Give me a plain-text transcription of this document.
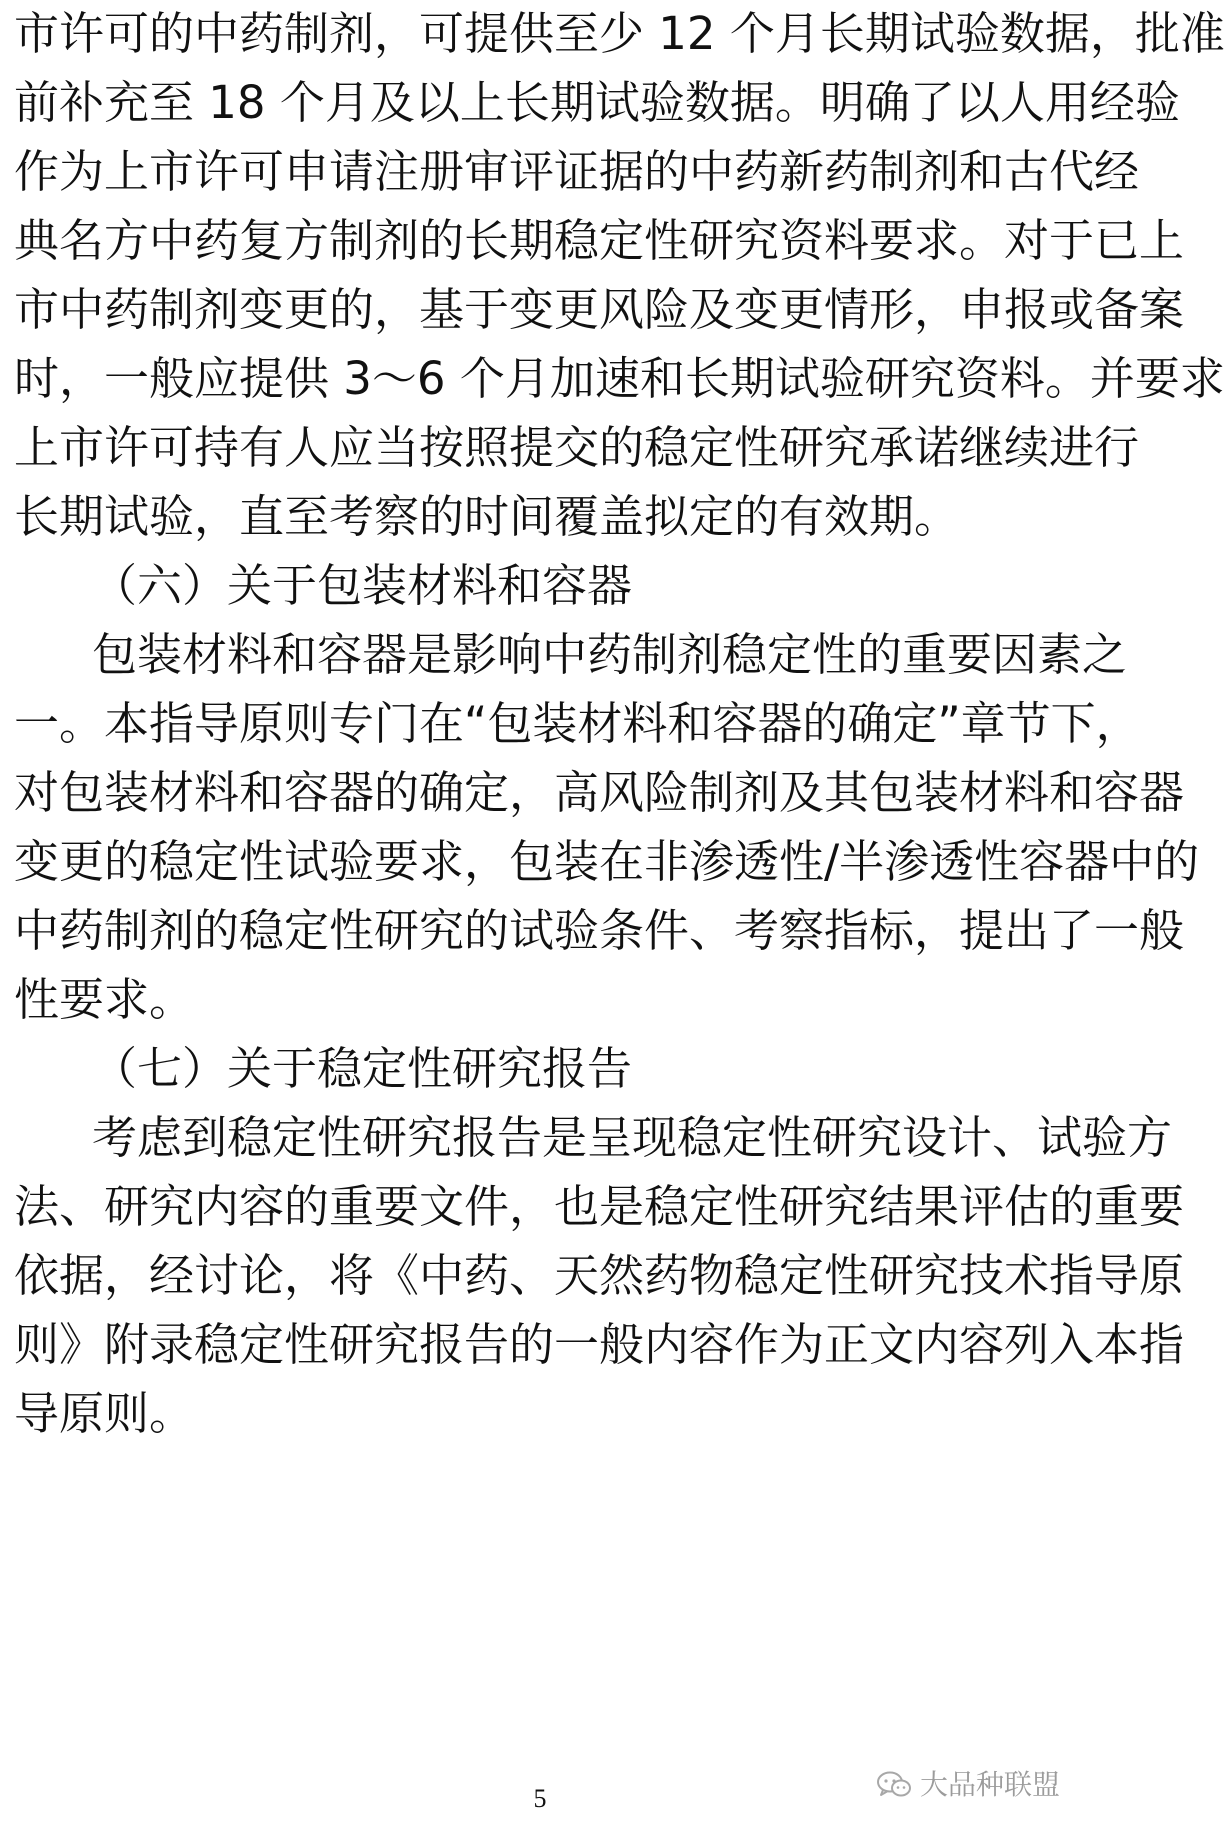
市许可的中药制剂，可提供至少 12 个月长期试验数据，批准
前补充至 18 个月及以上长期试验数据。明确了以人用经验
作为上市许可申请注册审评证据的中药新药制剂和古代经
典名方中药复方制剂的长期稳定性研究资料要求。对于已上
市中药制剂变更的，基于变更风险及变更情形，申报或备案
时，一般应提供 3～6 个月加速和长期试验研究资料。并要求
上市许可持有人应当按照提交的稳定性研究承诺继续进行
长期试验，直至考察的时间覆盖拟定的有效期。
（六）关于包装材料和容器
包装材料和容器是影响中药制剂稳定性的重要因素之
一。本指导原则专门在“包装材料和容器的确定”章节下，
对包装材料和容器的确定，高风险制剂及其包装材料和容器
变更的稳定性试验要求，包装在非渗透性/半渗透性容器中的
中药制剂的稳定性研究的试验条件、考察指标，提出了一般
性要求。
（七）关于稳定性研究报告
考虑到稳定性研究报告是呈现稳定性研究设计、试验方
法、研究内容的重要文件，也是稳定性研究结果评估的重要
依据，经讨论，将《中药、天然药物稳定性研究技术指导原
则》附录稳定性研究报告的一般内容作为正文内容列入本指
导原则。
大品种联盟
5
